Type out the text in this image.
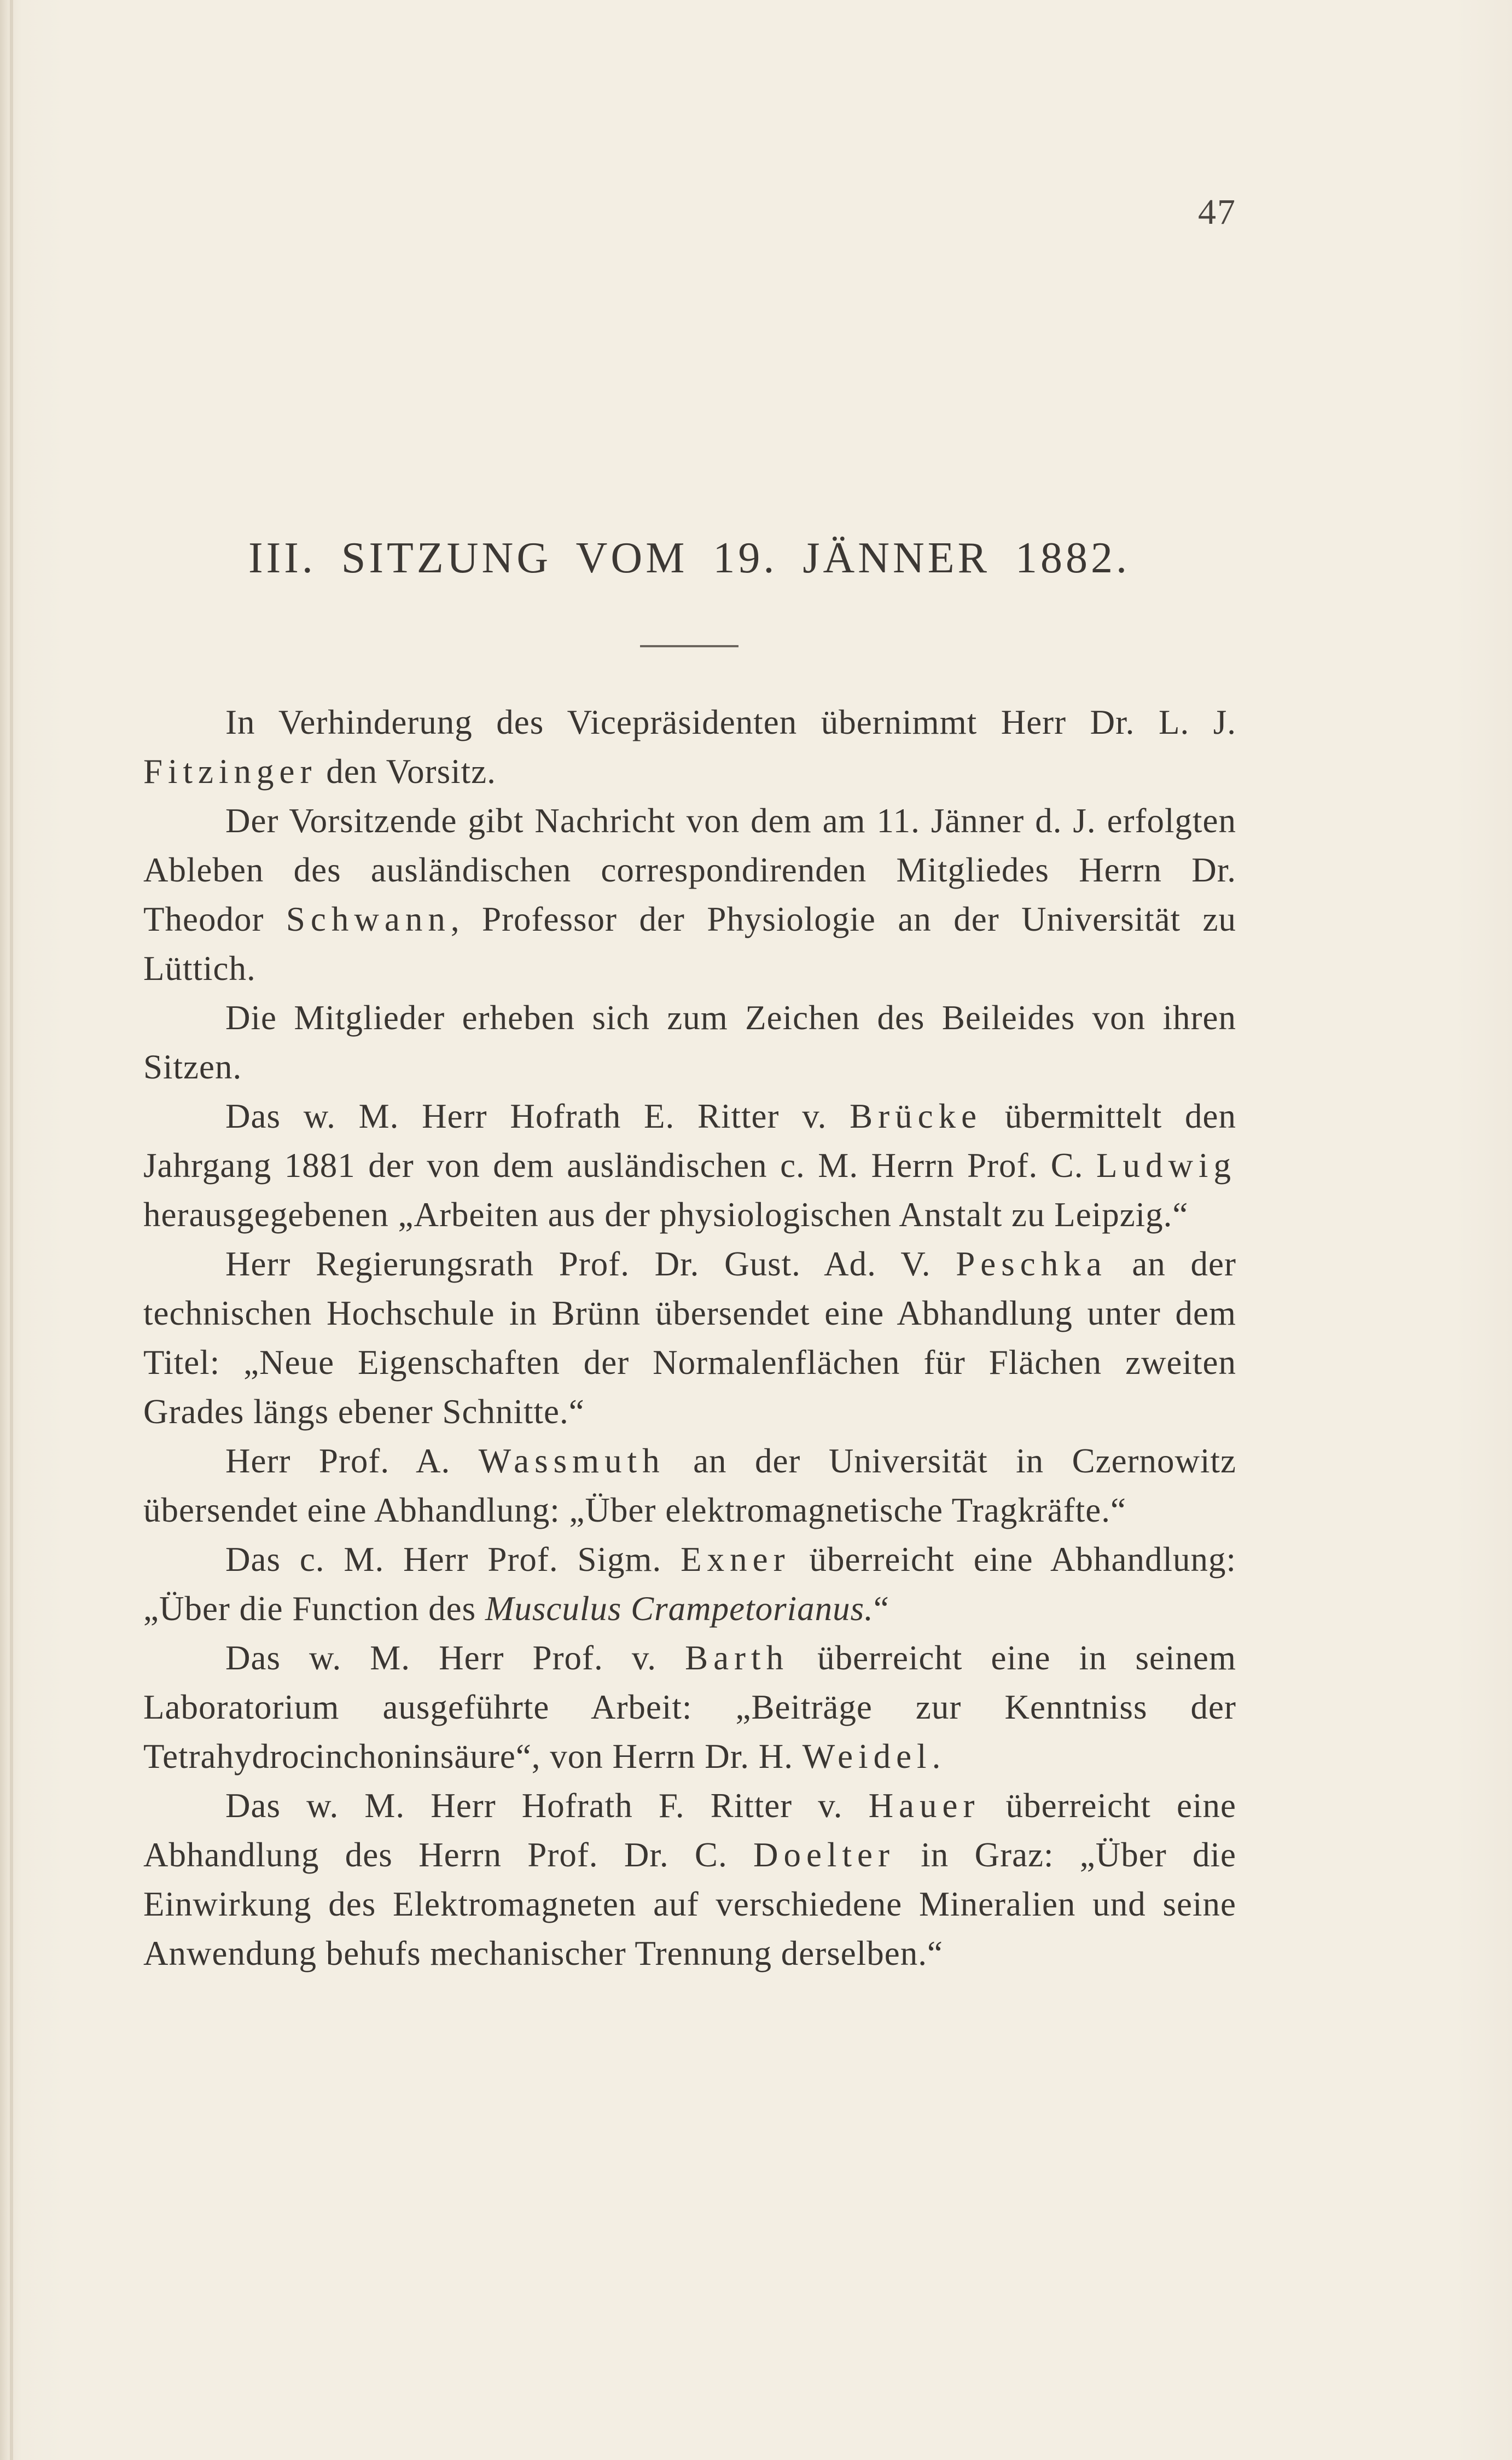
47
III. SITZUNG VOM 19. JÄNNER 1882.

In Verhinderung des Vicepräsidenten übernimmt Herr Dr. L. J. Fitzinger den Vorsitz.

Der Vorsitzende gibt Nachricht von dem am 11. Jänner d. J. erfolgten Ableben des ausländischen correspondirenden Mitgliedes Herrn Dr. Theodor Schwann, Professor der Physiologie an der Universität zu Lüttich.

Die Mitglieder erheben sich zum Zeichen des Beileides von ihren Sitzen.

Das w. M. Herr Hofrath E. Ritter v. Brücke übermittelt den Jahrgang 1881 der von dem ausländischen c. M. Herrn Prof. C. Ludwig herausgegebenen „Arbeiten aus der physiologischen Anstalt zu Leipzig.“

Herr Regierungsrath Prof. Dr. Gust. Ad. V. Peschka an der technischen Hochschule in Brünn übersendet eine Abhandlung unter dem Titel: „Neue Eigenschaften der Normalenflächen für Flächen zweiten Grades längs ebener Schnitte.“

Herr Prof. A. Wassmuth an der Universität in Czernowitz übersendet eine Abhandlung: „Über elektromagnetische Tragkräfte.“

Das c. M. Herr Prof. Sigm. Exner überreicht eine Abhandlung: „Über die Function des Musculus Crampetorianus.“

Das w. M. Herr Prof. v. Barth überreicht eine in seinem Laboratorium ausgeführte Arbeit: „Beiträge zur Kenntniss der Tetrahydrocinchoninsäure“, von Herrn Dr. H. Weidel.

Das w. M. Herr Hofrath F. Ritter v. Hauer überreicht eine Abhandlung des Herrn Prof. Dr. C. Doelter in Graz: „Über die Einwirkung des Elektromagneten auf verschiedene Mineralien und seine Anwendung behufs mechanischer Trennung derselben.“
